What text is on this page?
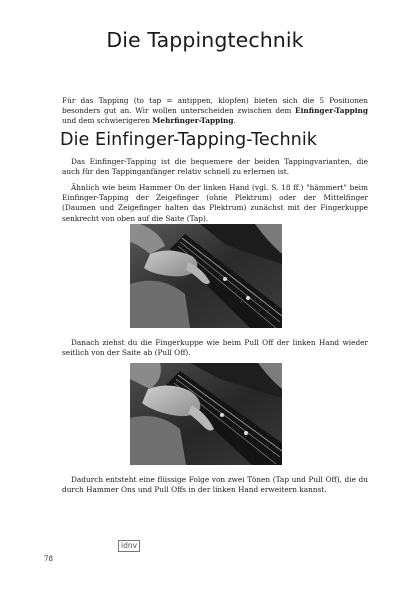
Die Tappingtechnik

Für das Tapping (to tap = antippen, klopfen) bieten sich die 5 Positionen besonders gut an. Wir wollen unterscheiden zwischen dem Einfinger-Tapping und dem schwierigeren Mehrfinger-Tapping.

Die Einfinger-Tapping-Technik

Das Einfinger-Tapping ist die bequemere der beiden Tappingvarianten, die auch für den Tappinganfänger relativ schnell zu erlernen ist.

Ähnlich wie beim Hammer On der linken Hand (vgl. S. 18 ff.) "hämmert" beim Einfinger-Tapping der Zeigefinger (ohne Plektrum) oder der Mittelfinger (Daumen und Zeigefinger halten das Plektrum) zunächst mit der Fingerkuppe senkrecht von oben auf die Saite (Tap).

Danach ziehst du die Fingerkuppe wie beim Pull Off der linken Hand wieder seitlich von der Saite ab (Pull Off).

Dadurch entsteht eine flüssige Folge von zwei Tönen (Tap und Pull Off), die du durch Hammer Ons und Pull Offs in der linken Hand erweitern kannst.

idnv
78
